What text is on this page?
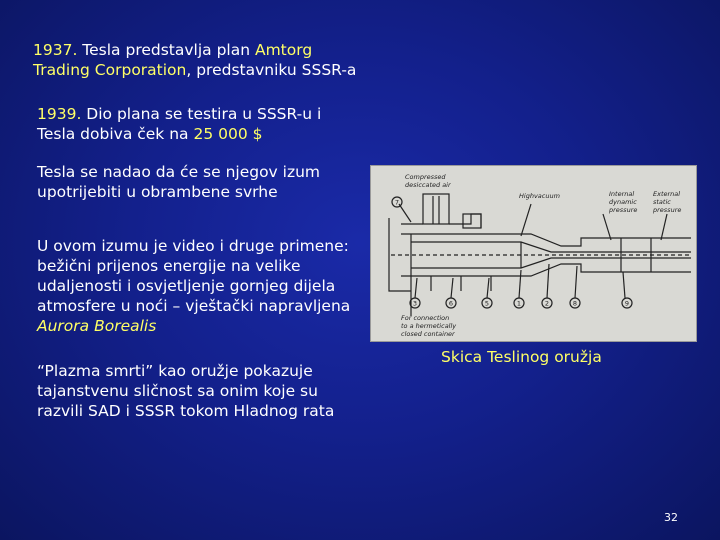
1937. Tesla predstavlja plan Amtorg
Trading Corporation, predstavniku SSSR-a
1939. Dio plana se testira u SSSR-u i
Tesla dobiva ček na 25 000 $
Tesla se nadao da će se njegov izum
upotrijebiti u obrambene svrhe
U ovom izumu je video i druge primene:
bežični prijenos energije na velike
udaljenosti i osvjetljenje gornjeg dijela
atmosfere u noći – vještački napravljena
Aurora Borealis
“Plazma smrti” kao oružje pokazuje
tajanstvenu sličnost sa onim koje su
razvili SAD i SSSR tokom Hladnog rata
Compressed
desiccated air
Highvacuum	Internal
dynamic
pressure
External
static
pressure
For connection
to a hermetically
closed container
7
3	6	5	1	2	8	9
Skica Teslinog oružja
32
